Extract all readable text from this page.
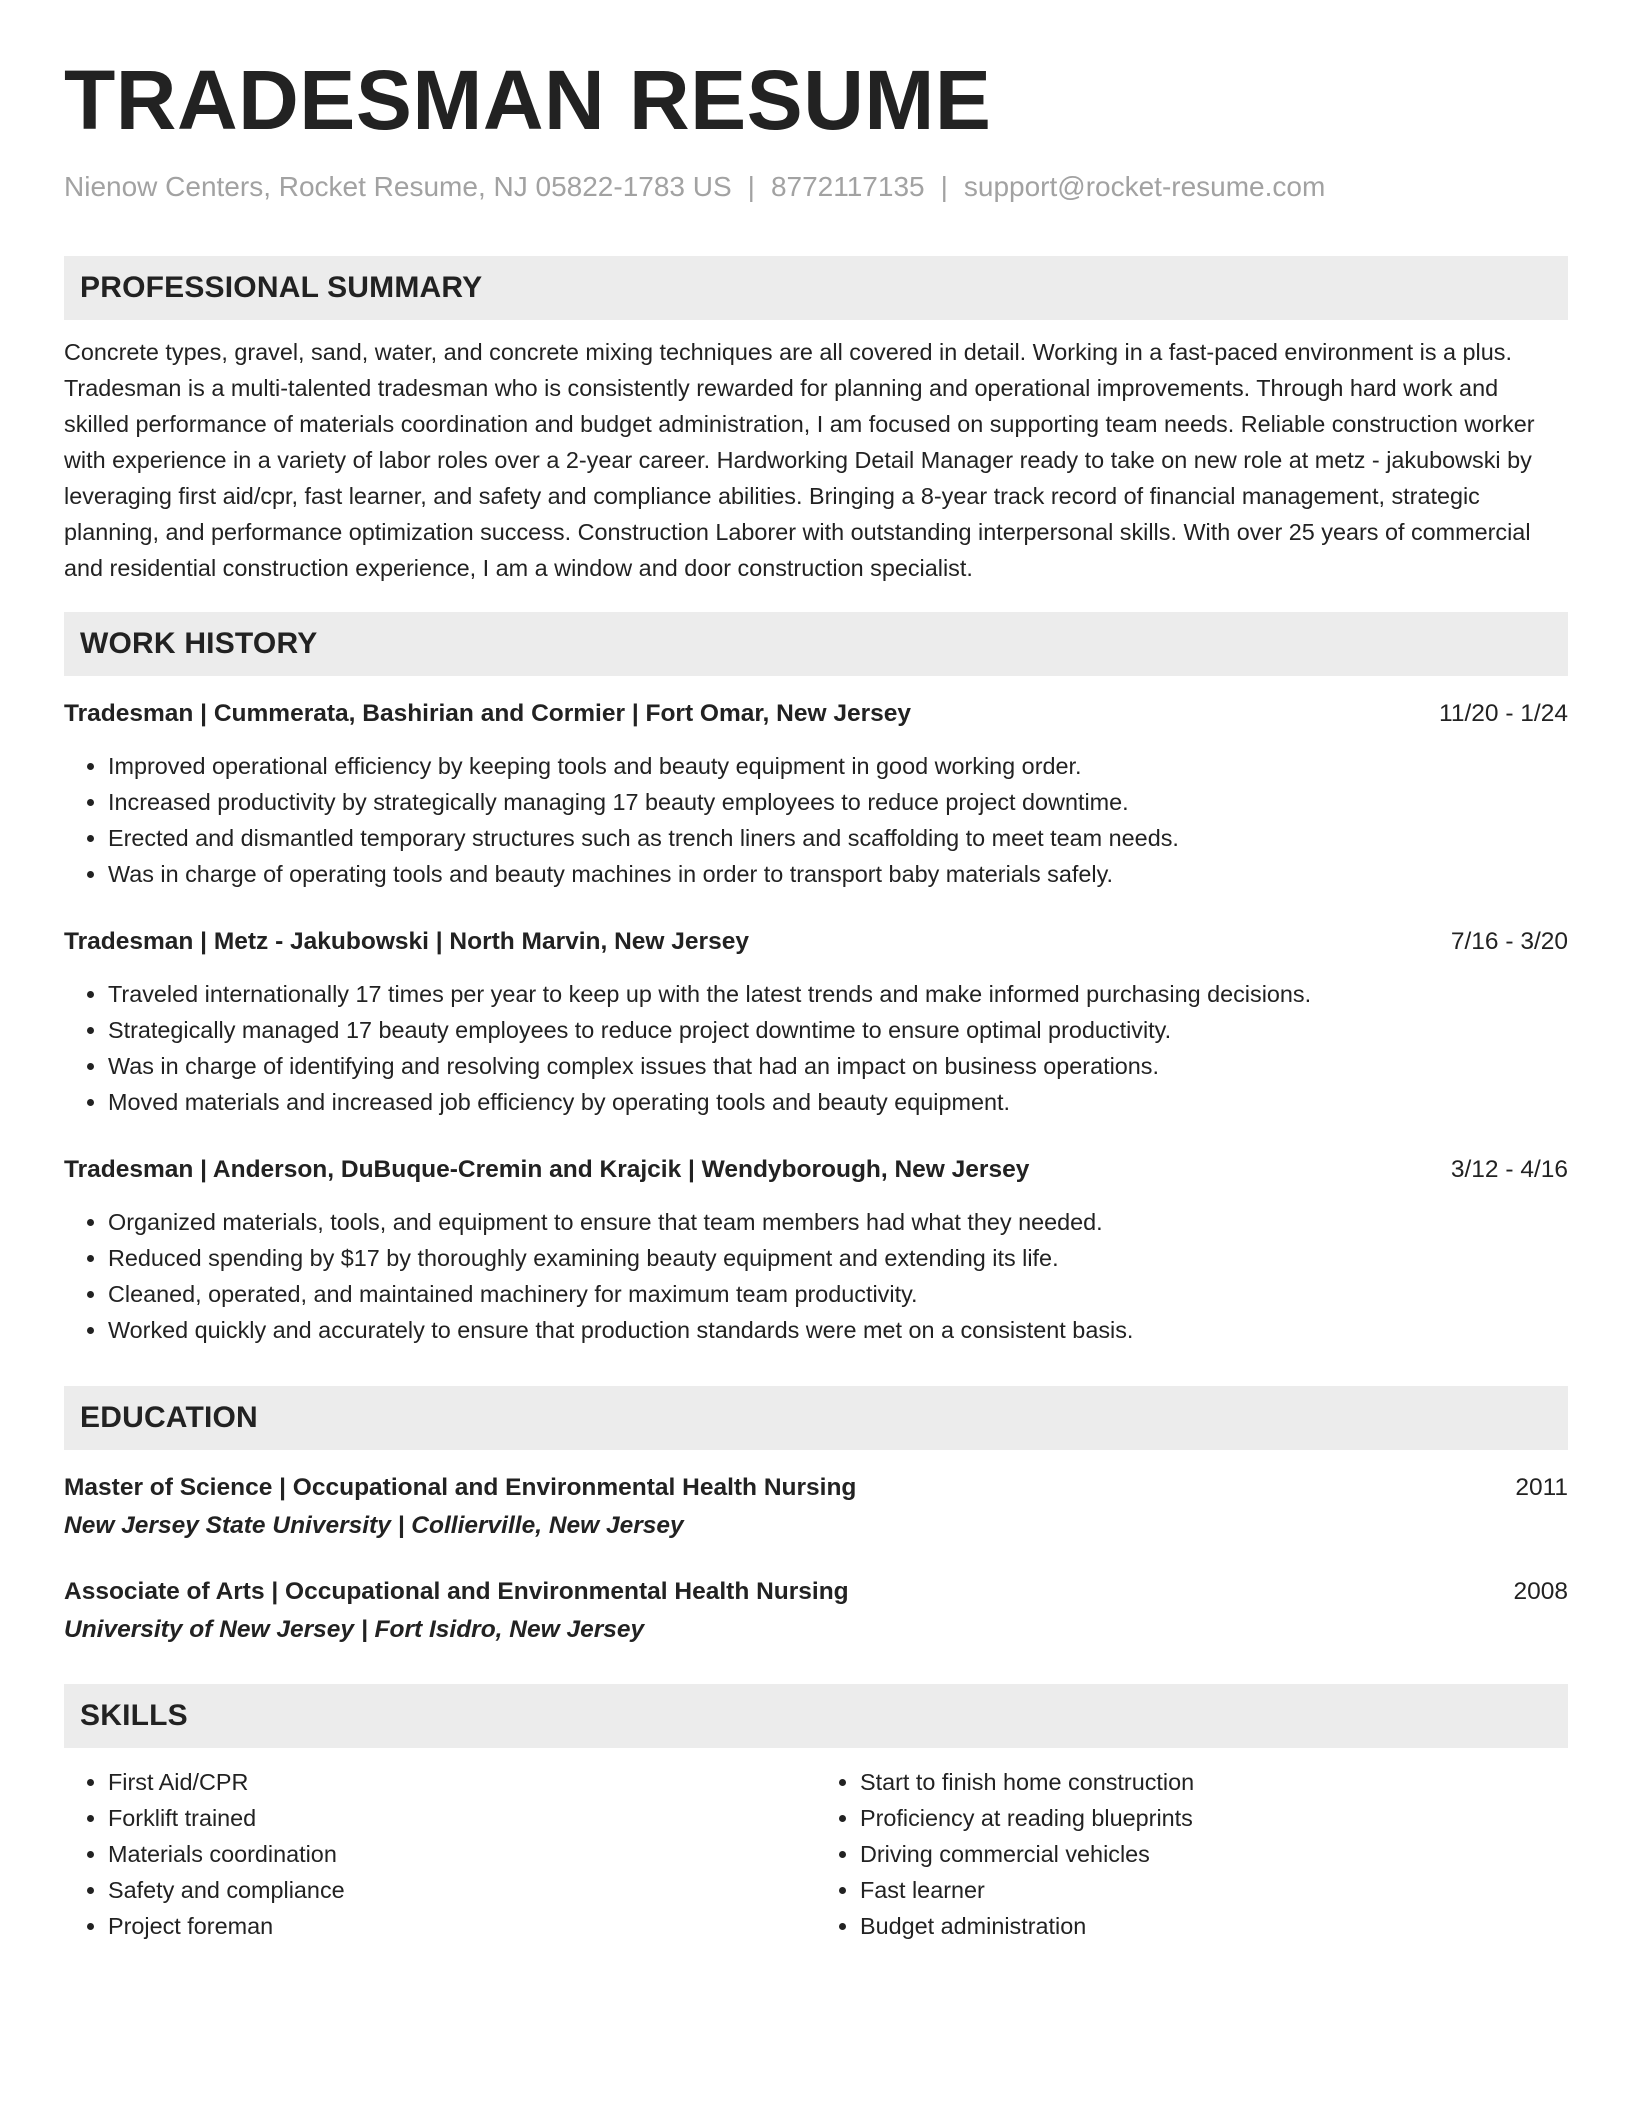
TRADESMAN RESUME
Nienow Centers, Rocket Resume, NJ 05822-1783 US | 8772117135 | support@rocket-resume.com
PROFESSIONAL SUMMARY

Concrete types, gravel, sand, water, and concrete mixing techniques are all covered in detail. Working in a fast-paced environment is a plus. Tradesman is a multi-talented tradesman who is consistently rewarded for planning and operational improvements. Through hard work and skilled performance of materials coordination and budget administration, I am focused on supporting team needs. Reliable construction worker with experience in a variety of labor roles over a 2-year career. Hardworking Detail Manager ready to take on new role at metz - jakubowski by leveraging first aid/cpr, fast learner, and safety and compliance abilities. Bringing a 8-year track record of financial management, strategic planning, and performance optimization success. Construction Laborer with outstanding interpersonal skills. With over 25 years of commercial and residential construction experience, I am a window and door construction specialist.

WORK HISTORY
Tradesman | Cummerata, Bashirian and Cormier | Fort Omar, New Jersey	11/20 - 1/24
• Improved operational efficiency by keeping tools and beauty equipment in good working order.
• Increased productivity by strategically managing 17 beauty employees to reduce project downtime.
• Erected and dismantled temporary structures such as trench liners and scaffolding to meet team needs.
• Was in charge of operating tools and beauty machines in order to transport baby materials safely.
Tradesman | Metz - Jakubowski | North Marvin, New Jersey	7/16 - 3/20
• Traveled internationally 17 times per year to keep up with the latest trends and make informed purchasing decisions.
• Strategically managed 17 beauty employees to reduce project downtime to ensure optimal productivity.
• Was in charge of identifying and resolving complex issues that had an impact on business operations.
• Moved materials and increased job efficiency by operating tools and beauty equipment.
Tradesman | Anderson, DuBuque-Cremin and Krajcik | Wendyborough, New Jersey	3/12 - 4/16
• Organized materials, tools, and equipment to ensure that team members had what they needed.
• Reduced spending by $17 by thoroughly examining beauty equipment and extending its life.
• Cleaned, operated, and maintained machinery for maximum team productivity.
• Worked quickly and accurately to ensure that production standards were met on a consistent basis.
EDUCATION
Master of Science | Occupational and Environmental Health Nursing	2011
New Jersey State University | Collierville, New Jersey
Associate of Arts | Occupational and Environmental Health Nursing	2008
University of New Jersey | Fort Isidro, New Jersey
SKILLS
• First Aid/CPR
• Forklift trained
• Materials coordination
• Safety and compliance
• Project foreman
• Start to finish home construction
• Proficiency at reading blueprints
• Driving commercial vehicles
• Fast learner
• Budget administration
